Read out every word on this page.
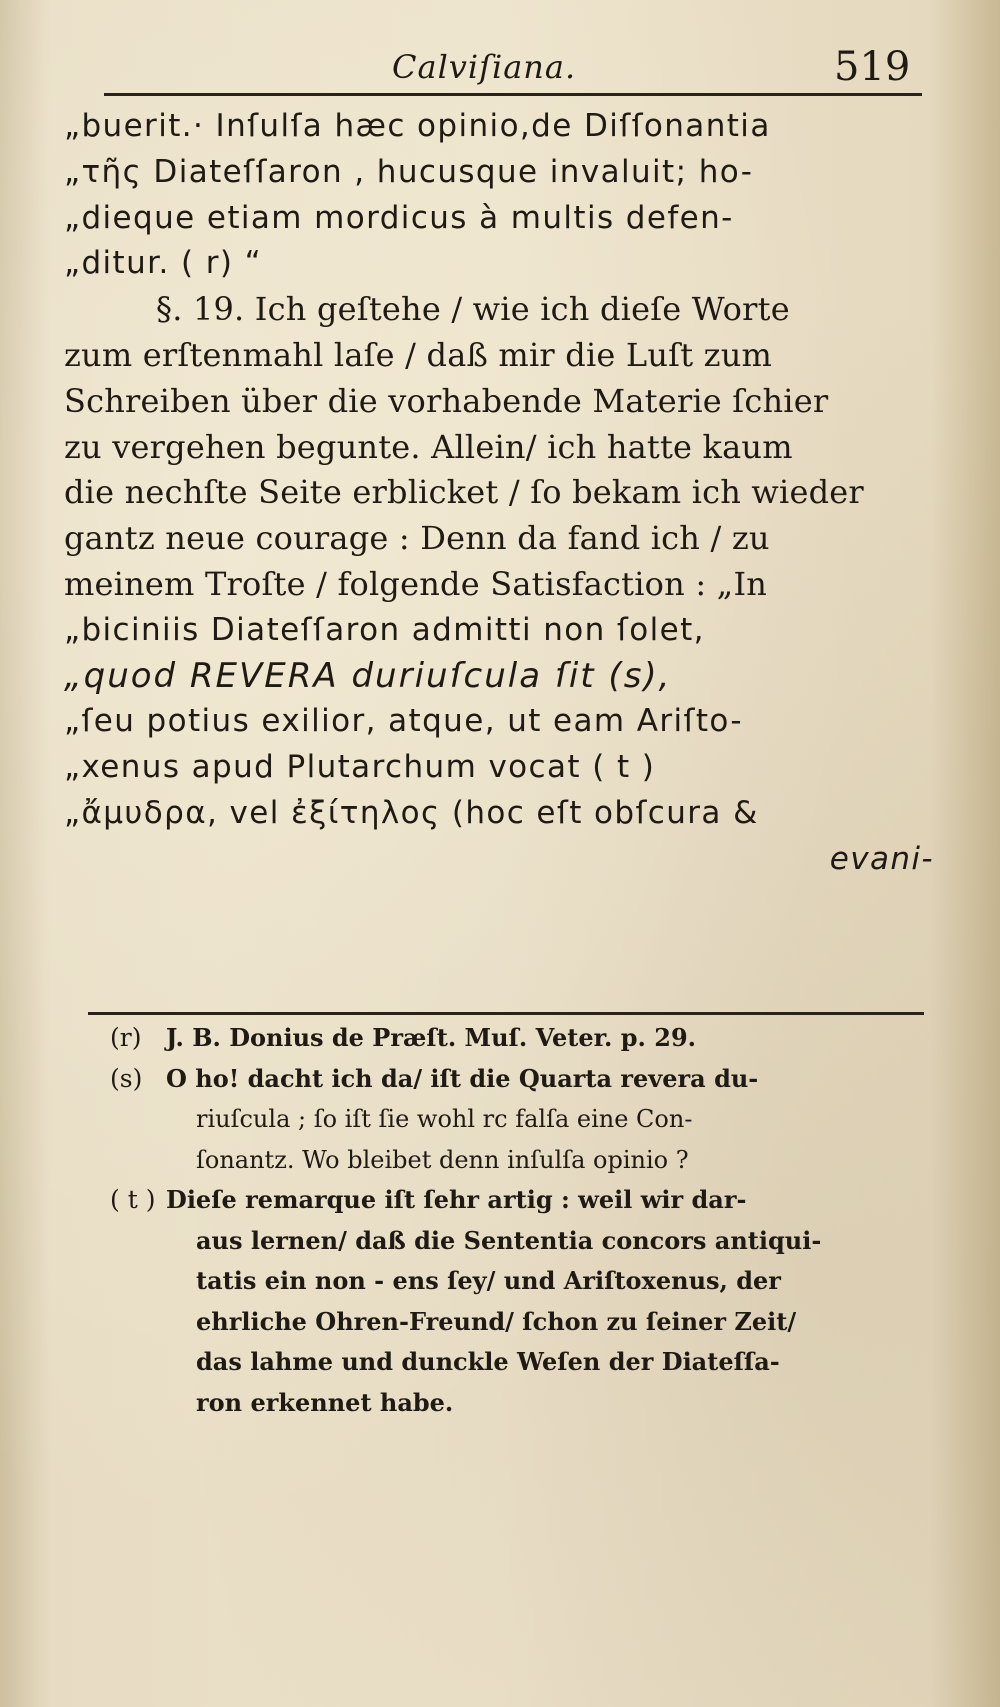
Calviſiana.	519
„buerit.· Inſulſa hæc opinio,de Diſſonantia
„τῆς Diateſſaron , hucusque invaluit; ho-
„dieque etiam mordicus à multis defen-
„ditur. ( r) “
§. 19. Ich geſtehe / wie ich dieſe Worte
zum erſtenmahl laſe / daß mir die Luſt zum
Schreiben über die vorhabende Materie ſchier
zu vergehen begunte. Allein/ ich hatte kaum
die nechſte Seite erblicket / ſo bekam ich wieder
gantz neue courage : Denn da fand ich / zu
meinem Troſte / folgende Satisfaction : „In
„biciniis Diateſſaron admitti non ſolet,
„quod REVERA duriuſcula ſit (s),
„ſeu potius exilior, atque, ut eam Ariſto-
„xenus apud Plutarchum vocat ( t )
„ἄμυδρα, vel ἐξίτηλος (hoc eſt obſcura &
evani-
(r) J. B. Donius de Præſt. Muſ. Veter. p. 29.
(s) O ho! dacht ich da/ iſt die Quarta revera du-
riuſcula ; ſo iſt ſie wohl rc falſa eine Con-
ſonantz. Wo bleibet denn inſulſa opinio ?
( t ) Dieſe remarque iſt ſehr artig : weil wir dar-
aus lernen/ daß die Sententia concors antiqui-
tatis ein non - ens ſey/ und Ariſtoxenus, der
ehrliche Ohren-Freund/ ſchon zu ſeiner Zeit/
das lahme und dunckle Weſen der Diateſſa-
ron erkennet habe.
